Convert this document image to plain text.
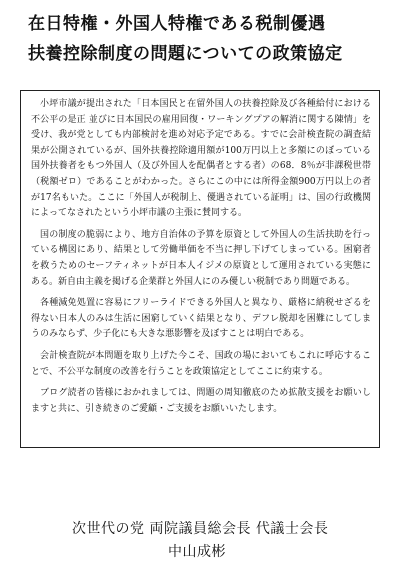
在日特権・外国人特権である税制優遇
扶養控除制度の問題についての政策協定

小坪市議が提出された「日本国民と在留外国人の扶養控除及び各種給付における不公平の是正 並びに日本国民の雇用回復・ワーキングプアの解消に関する陳情」を受け、我が党としても内部検討を進め対応予定である。すでに会計検査院の調査結果が公開されているが、国外扶養控除適用額が100万円以上と多額にのぼっている国外扶養者をもつ外国人（及び外国人を配偶者とする者）の68．8％が非課税世帯（税額ゼロ）であることがわかった。さらにこの中には所得金額900万円以上の者が17名もいた。ここに「外国人が税制上、優遇されている証明」は、国の行政機関によってなされたという小坪市議の主張に賛同する。

国の制度の脆弱により、地方自治体の予算を原資として外国人の生活扶助を行っている構図にあり、結果として労働単価を不当に押し下げてしまっている。困窮者を救うためのセーフティネットが日本人イジメの原資として運用されている実態にある。新自由主義を掲げる企業群と外国人にのみ優しい税制であり問題である。

各種減免処置に容易にフリーライドできる外国人と異なり、厳格に納税せざるを得ない日本人のみは生活に困窮していく結果となり、デフレ脱却を困難にしてしまうのみならず、少子化にも大きな悪影響を及ぼすことは明白である。

会計検査院が本問題を取り上げた今こそ、国政の場においてもこれに呼応することで、不公平な制度の改善を行うことを政策協定としてここに約束する。

ブログ読者の皆様におかれましては、問題の周知徹底のため拡散支援をお願いしますと共に、引き続きのご愛顧・ご支援をお願いいたします。

次世代の党 両院議員総会長 代議士会長
中山成彬
